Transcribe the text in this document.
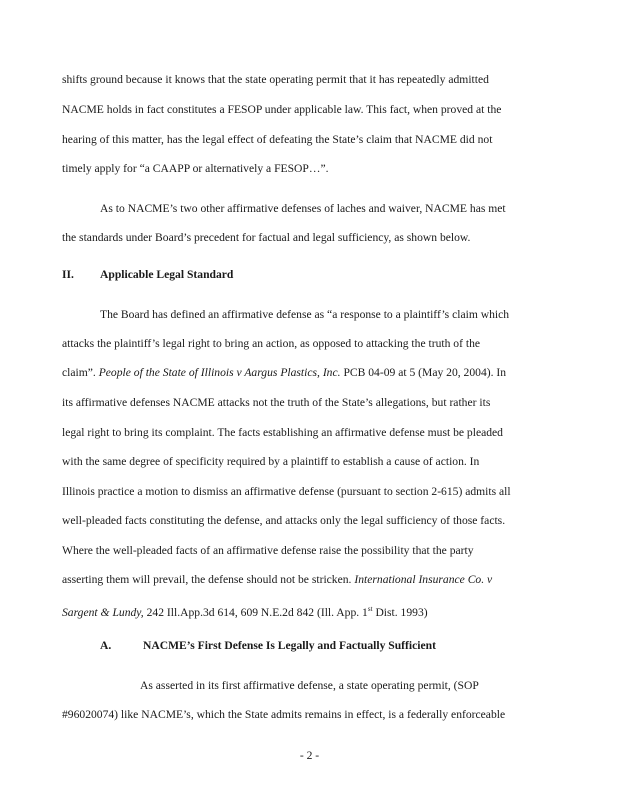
shifts ground because it knows that the state operating permit that it has repeatedly admitted
NACME holds in fact constitutes a FESOP under applicable law. This fact, when proved at the
hearing of this matter, has the legal effect of defeating the State’s claim that NACME did not
timely apply for “a CAAPP or alternatively a FESOP…”.
As to NACME’s two other affirmative defenses of laches and waiver, NACME has met
the standards under Board’s precedent for factual and legal sufficiency, as shown below.
II. Applicable Legal Standard
The Board has defined an affirmative defense as “a response to a plaintiff’s claim which
attacks the plaintiff’s legal right to bring an action, as opposed to attacking the truth of the
claim”. People of the State of Illinois v Aargus Plastics, Inc. PCB 04-09 at 5 (May 20, 2004). In
its affirmative defenses NACME attacks not the truth of the State’s allegations, but rather its
legal right to bring its complaint. The facts establishing an affirmative defense must be pleaded
with the same degree of specificity required by a plaintiff to establish a cause of action. In
Illinois practice a motion to dismiss an affirmative defense (pursuant to section 2-615) admits all
well-pleaded facts constituting the defense, and attacks only the legal sufficiency of those facts.
Where the well-pleaded facts of an affirmative defense raise the possibility that the party
asserting them will prevail, the defense should not be stricken. International Insurance Co. v
Sargent & Lundy, 242 Ill.App.3d 614, 609 N.E.2d 842 (Ill. App. 1st Dist. 1993)
A.	NACME’s First Defense Is Legally and Factually Sufficient
As asserted in its first affirmative defense, a state operating permit, (SOP
#96020074) like NACME’s, which the State admits remains in effect, is a federally enforceable
- 2 -
